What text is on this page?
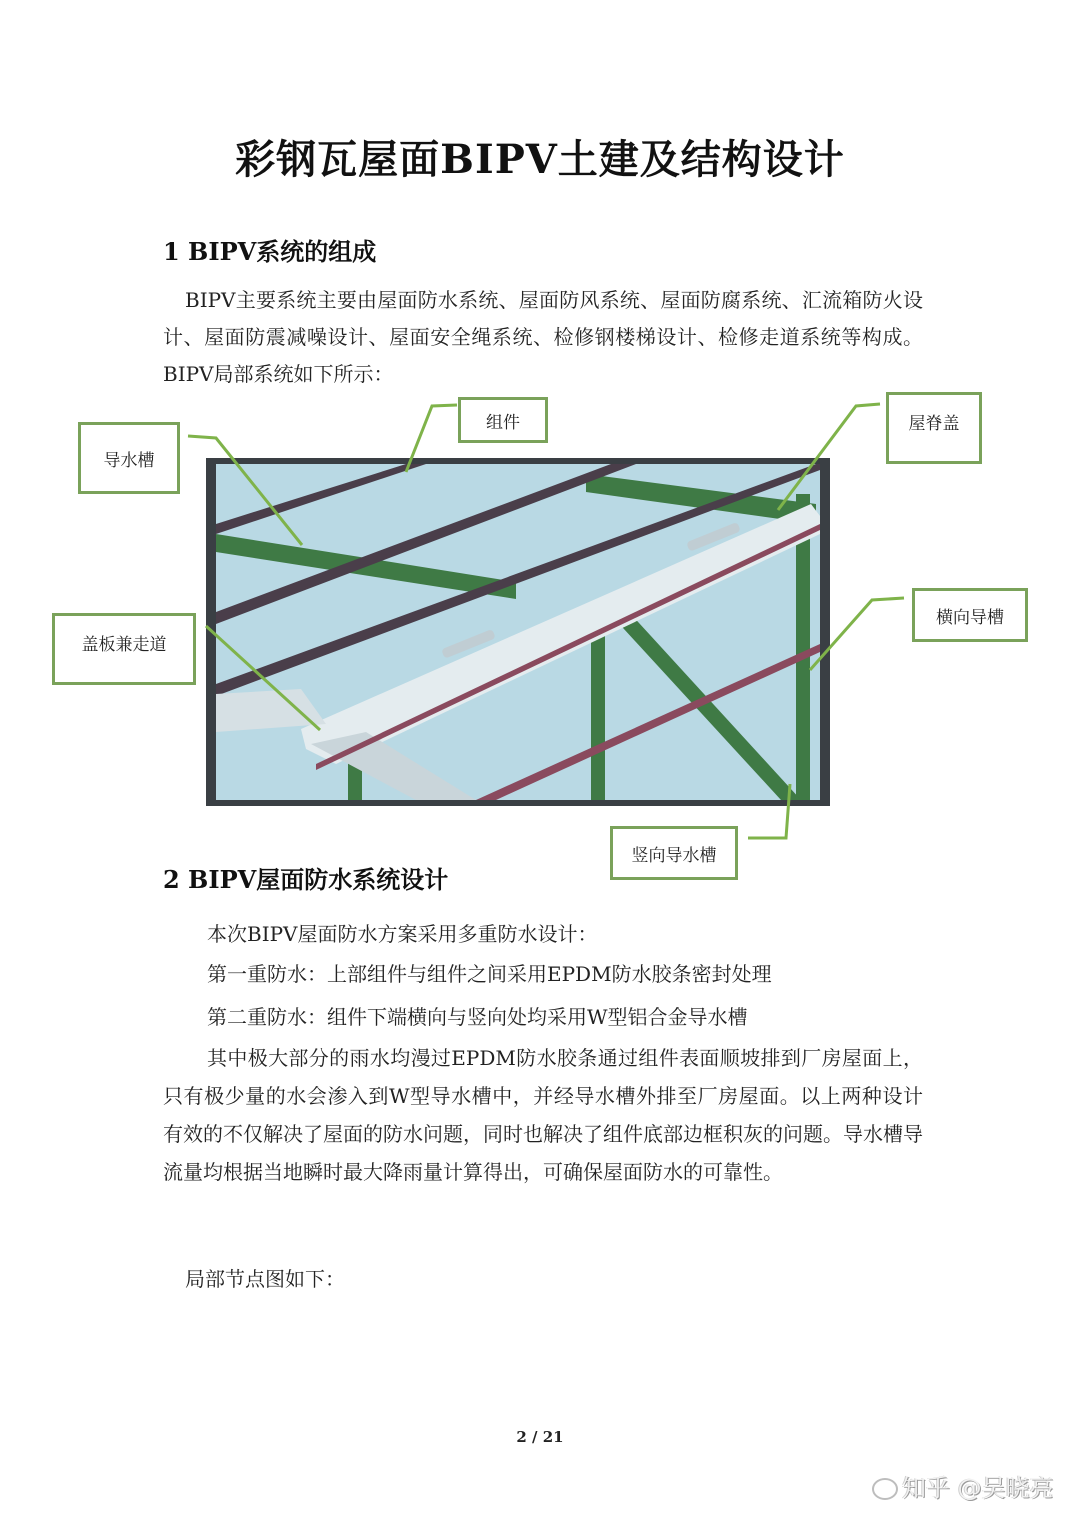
彩钢瓦屋面BIPV土建及结构设计
1 BIPV系统的组成
BIPV主要系统主要由屋面防水系统、屋面防风系统、屋面防腐系统、汇流箱防火设计、屋面防震减噪设计、屋面安全绳系统、检修钢楼梯设计、检修走道系统等构成。BIPV局部系统如下所示：
导水槽
组件	屋脊盖
盖板兼走道
横向导槽
竖向导水槽
2 BIPV屋面防水系统设计
本次BIPV屋面防水方案采用多重防水设计：
第一重防水：上部组件与组件之间采用EPDM防水胶条密封处理
第二重防水：组件下端横向与竖向处均采用W型铝合金导水槽
其中极大部分的雨水均漫过EPDM防水胶条通过组件表面顺坡排到厂房屋面上，只有极少量的水会渗入到W型导水槽中，并经导水槽外排至厂房屋面。以上两种设计有效的不仅解决了屋面的防水问题，同时也解决了组件底部边框积灰的问题。导水槽导流量均根据当地瞬时最大降雨量计算得出，可确保屋面防水的可靠性。
局部节点图如下：
2 / 21
知乎 @吴晓亮
